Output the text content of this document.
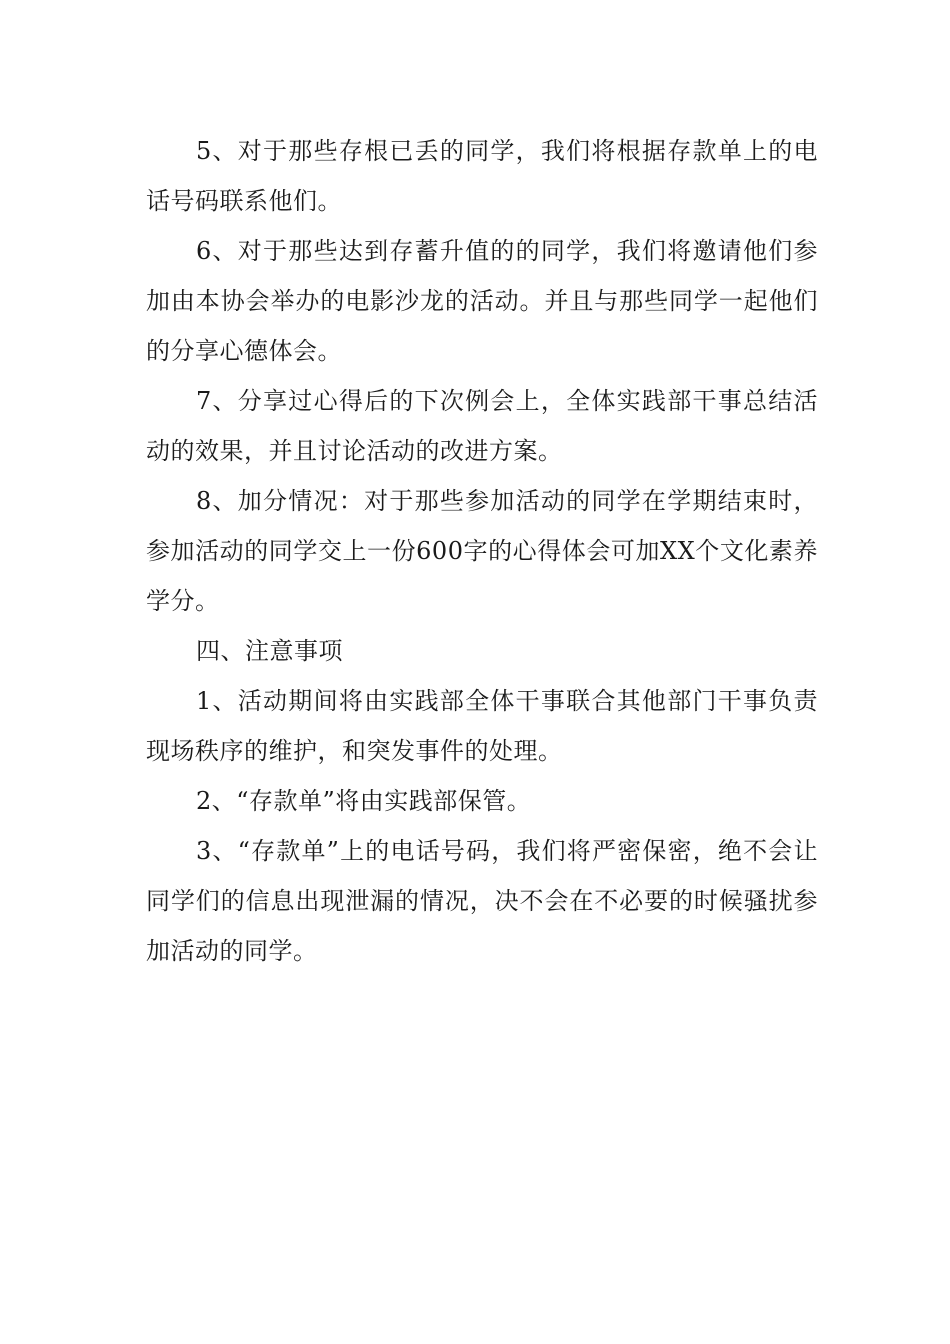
5、对于那些存根已丢的同学，我们将根据存款单上的电话号码联系他们。

6、对于那些达到存蓄升值的的同学，我们将邀请他们参加由本协会举办的电影沙龙的活动。并且与那些同学一起他们的分享心德体会。

7、分享过心得后的下次例会上，全体实践部干事总结活动的效果，并且讨论活动的改进方案。

8、加分情况：对于那些参加活动的同学在学期结束时，参加活动的同学交上一份600字的心得体会可加XX个文化素养学分。

四、注意事项

1、活动期间将由实践部全体干事联合其他部门干事负责现场秩序的维护，和突发事件的处理。

2、“存款单”将由实践部保管。

3、“存款单”上的电话号码，我们将严密保密，绝不会让同学们的信息出现泄漏的情况，决不会在不必要的时候骚扰参加活动的同学。
